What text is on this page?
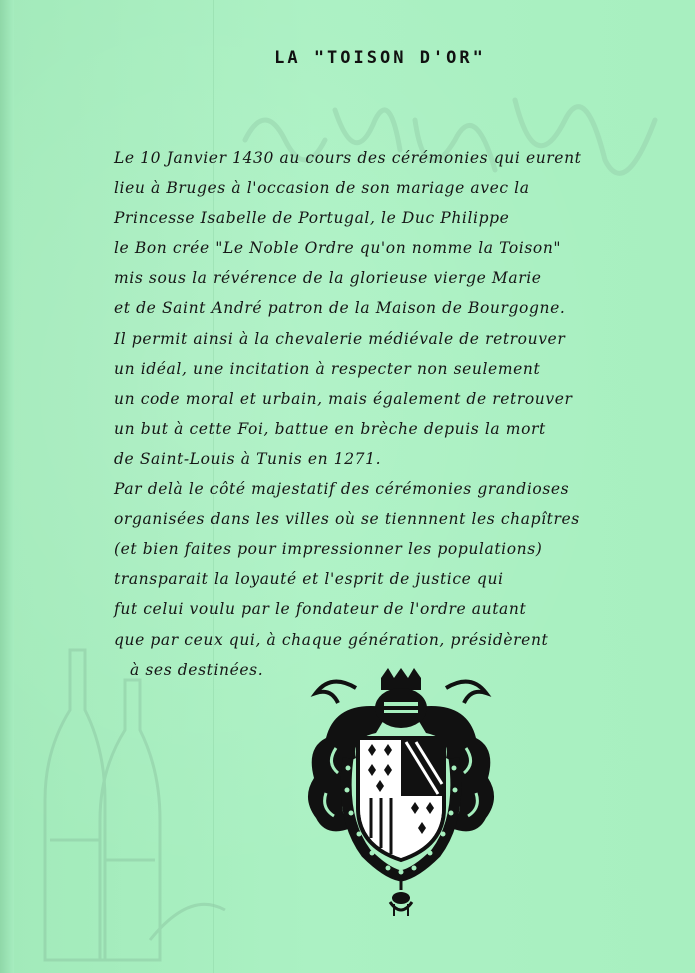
LA "TOISON D'OR"
Le 10 Janvier 1430 au cours des cérémonies qui eurent
lieu à Bruges à l'occasion de son mariage avec la
Princesse Isabelle de Portugal, le Duc Philippe
le Bon crée "Le Noble Ordre qu'on nomme la Toison"
mis sous la révérence de la glorieuse vierge Marie
et de Saint André patron de la Maison de Bourgogne.
Il permit ainsi à la chevalerie médiévale de retrouver
un idéal, une incitation à respecter non seulement
un code moral et urbain, mais également de retrouver
un but à cette Foi, battue en brèche depuis la mort
de Saint-Louis à Tunis en 1271.
Par delà le côté majestatif des cérémonies grandioses
organisées dans les villes où se tiennnent les chapîtres
(et bien faites pour impressionner les populations)
transparait la loyauté et l'esprit de justice qui
fut celui voulu par le fondateur de l'ordre autant
que par ceux qui, à chaque génération, présidèrent
à ses destinées.
